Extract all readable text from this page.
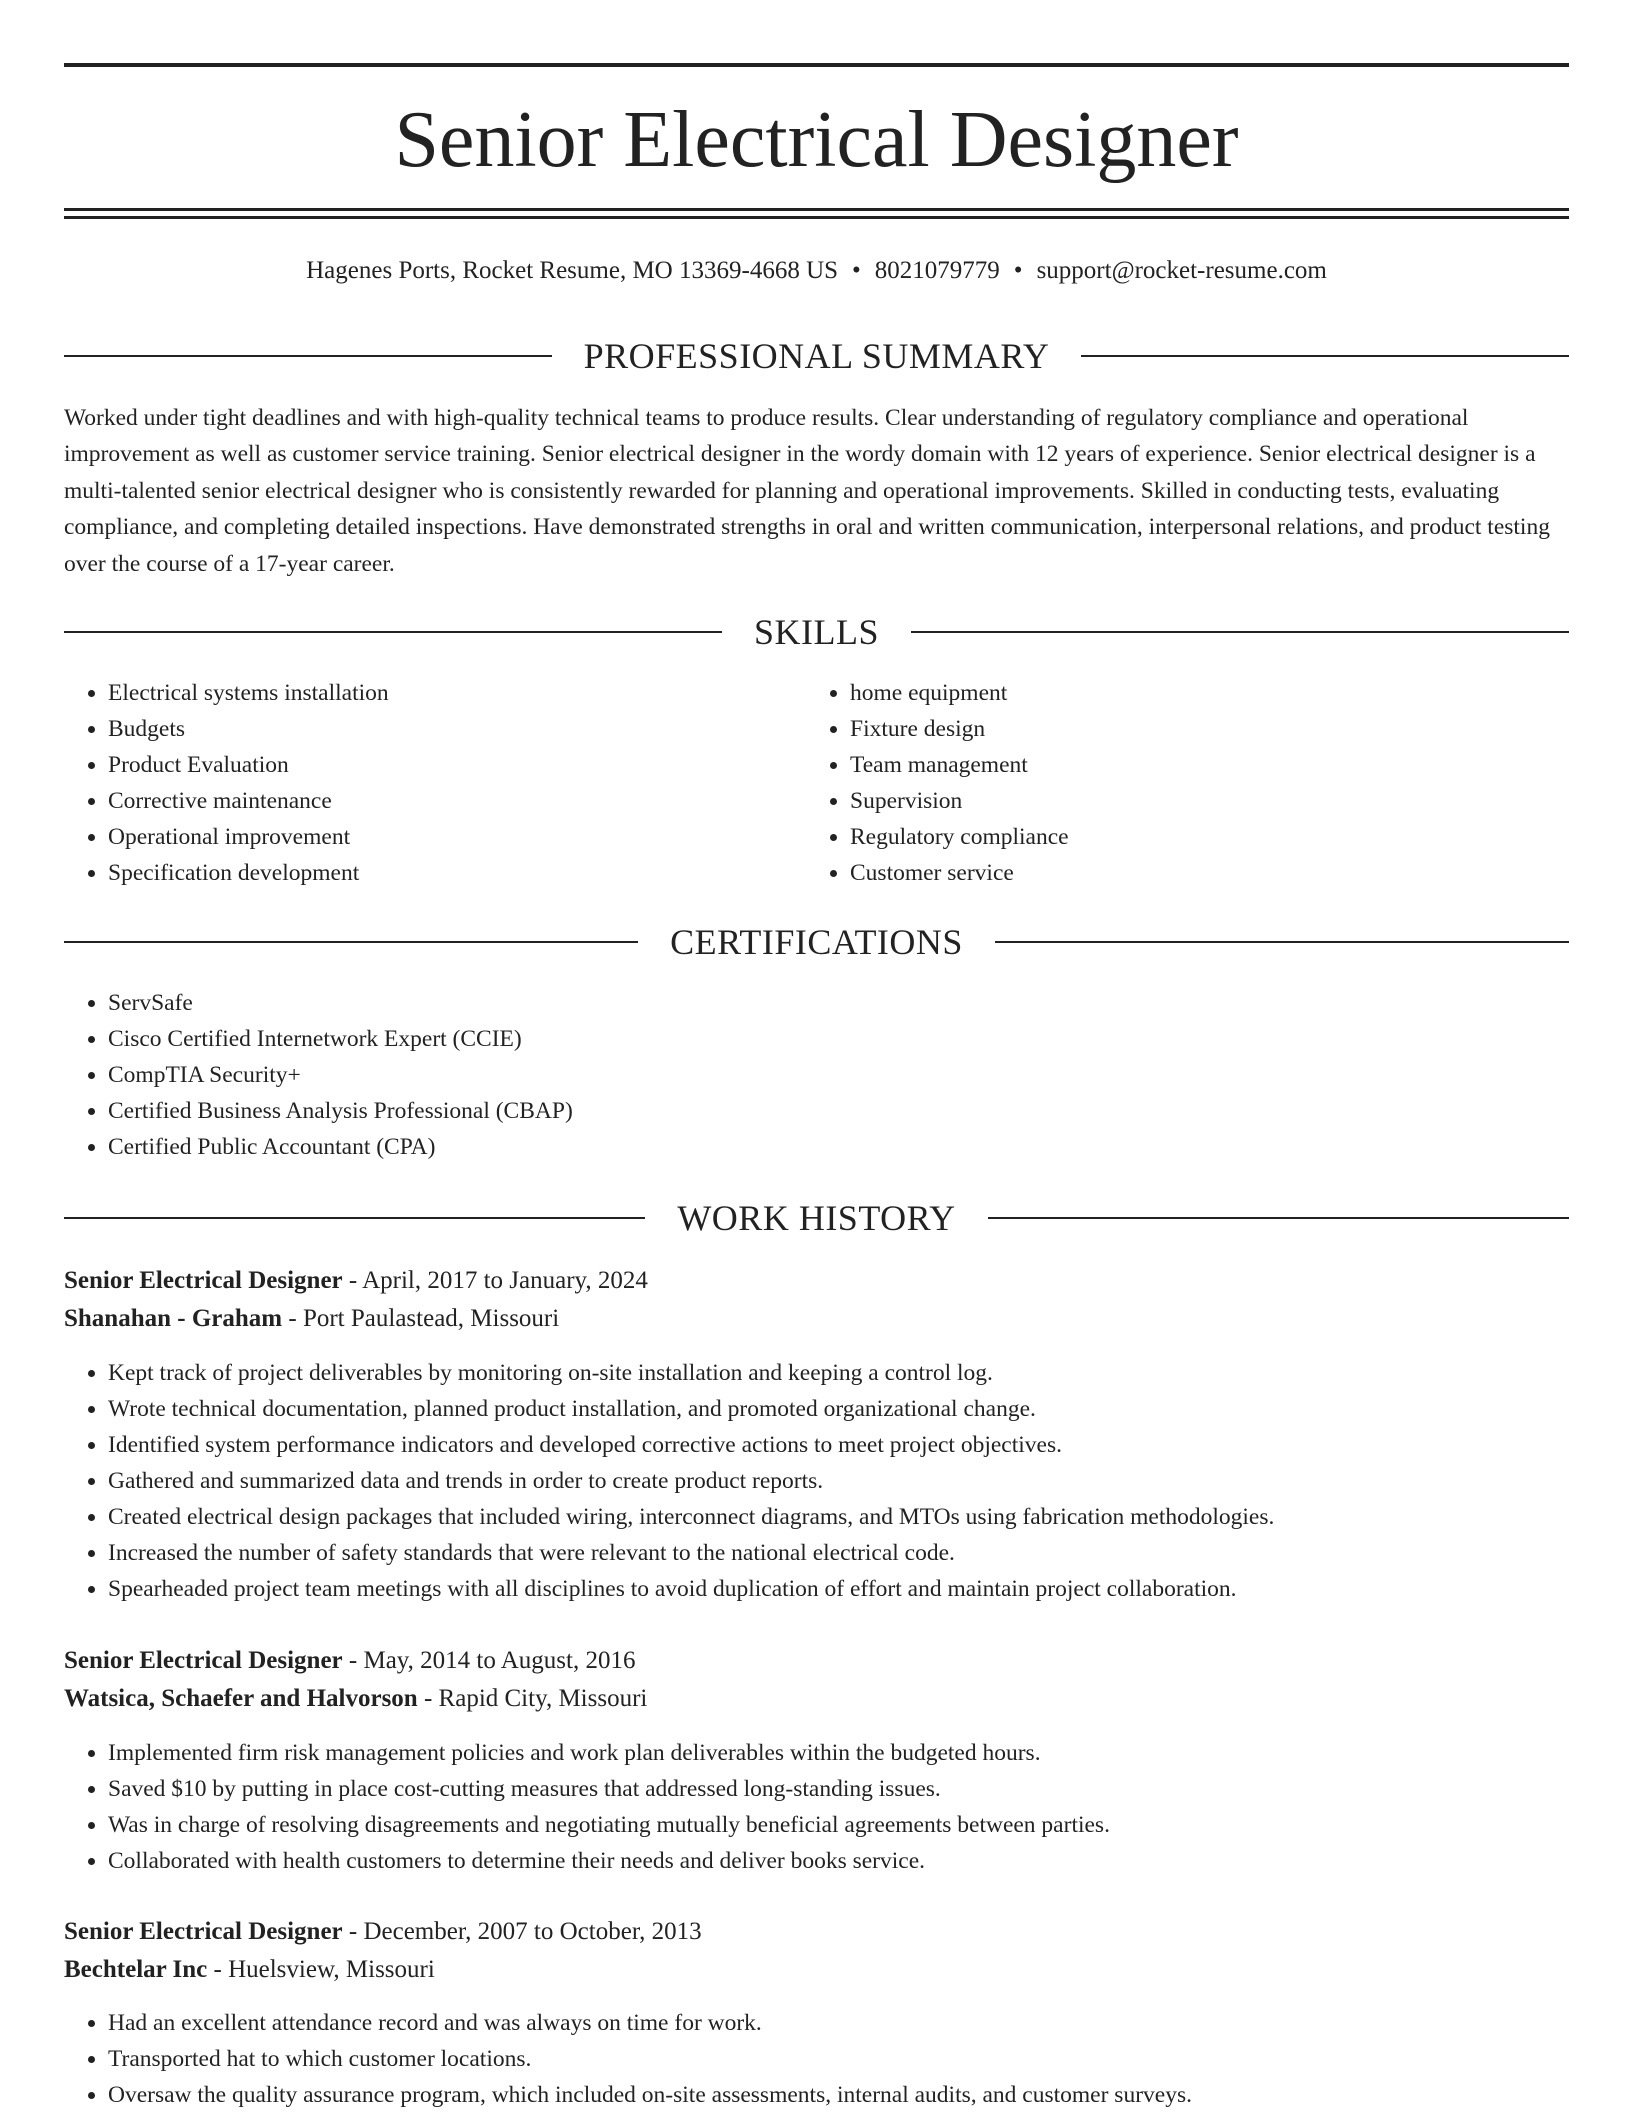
Senior Electrical Designer
Hagenes Ports, Rocket Resume, MO 13369-4668 US • 8021079779 • support@rocket-resume.com
PROFESSIONAL SUMMARY

Worked under tight deadlines and with high-quality technical teams to produce results. Clear understanding of regulatory compliance and operational improvement as well as customer service training. Senior electrical designer in the wordy domain with 12 years of experience. Senior electrical designer is a multi-talented senior electrical designer who is consistently rewarded for planning and operational improvements. Skilled in conducting tests, evaluating compliance, and completing detailed inspections. Have demonstrated strengths in oral and written communication, interpersonal relations, and product testing over the course of a 17-year career.

SKILLS
• Electrical systems installation
• Budgets
• Product Evaluation
• Corrective maintenance
• Operational improvement
• Specification development
• home equipment
• Fixture design
• Team management
• Supervision
• Regulatory compliance
• Customer service
CERTIFICATIONS
• ServSafe
• Cisco Certified Internetwork Expert (CCIE)
• CompTIA Security+
• Certified Business Analysis Professional (CBAP)
• Certified Public Accountant (CPA)
WORK HISTORY
Senior Electrical Designer - April, 2017 to January, 2024
Shanahan - Graham - Port Paulastead, Missouri
• Kept track of project deliverables by monitoring on-site installation and keeping a control log.
• Wrote technical documentation, planned product installation, and promoted organizational change.
• Identified system performance indicators and developed corrective actions to meet project objectives.
• Gathered and summarized data and trends in order to create product reports.
• Created electrical design packages that included wiring, interconnect diagrams, and MTOs using fabrication methodologies.
• Increased the number of safety standards that were relevant to the national electrical code.
• Spearheaded project team meetings with all disciplines to avoid duplication of effort and maintain project collaboration.
Senior Electrical Designer - May, 2014 to August, 2016
Watsica, Schaefer and Halvorson - Rapid City, Missouri
• Implemented firm risk management policies and work plan deliverables within the budgeted hours.
• Saved $10 by putting in place cost-cutting measures that addressed long-standing issues.
• Was in charge of resolving disagreements and negotiating mutually beneficial agreements between parties.
• Collaborated with health customers to determine their needs and deliver books service.
Senior Electrical Designer - December, 2007 to October, 2013
Bechtelar Inc - Huelsview, Missouri
• Had an excellent attendance record and was always on time for work.
• Transported hat to which customer locations.
• Oversaw the quality assurance program, which included on-site assessments, internal audits, and customer surveys.
